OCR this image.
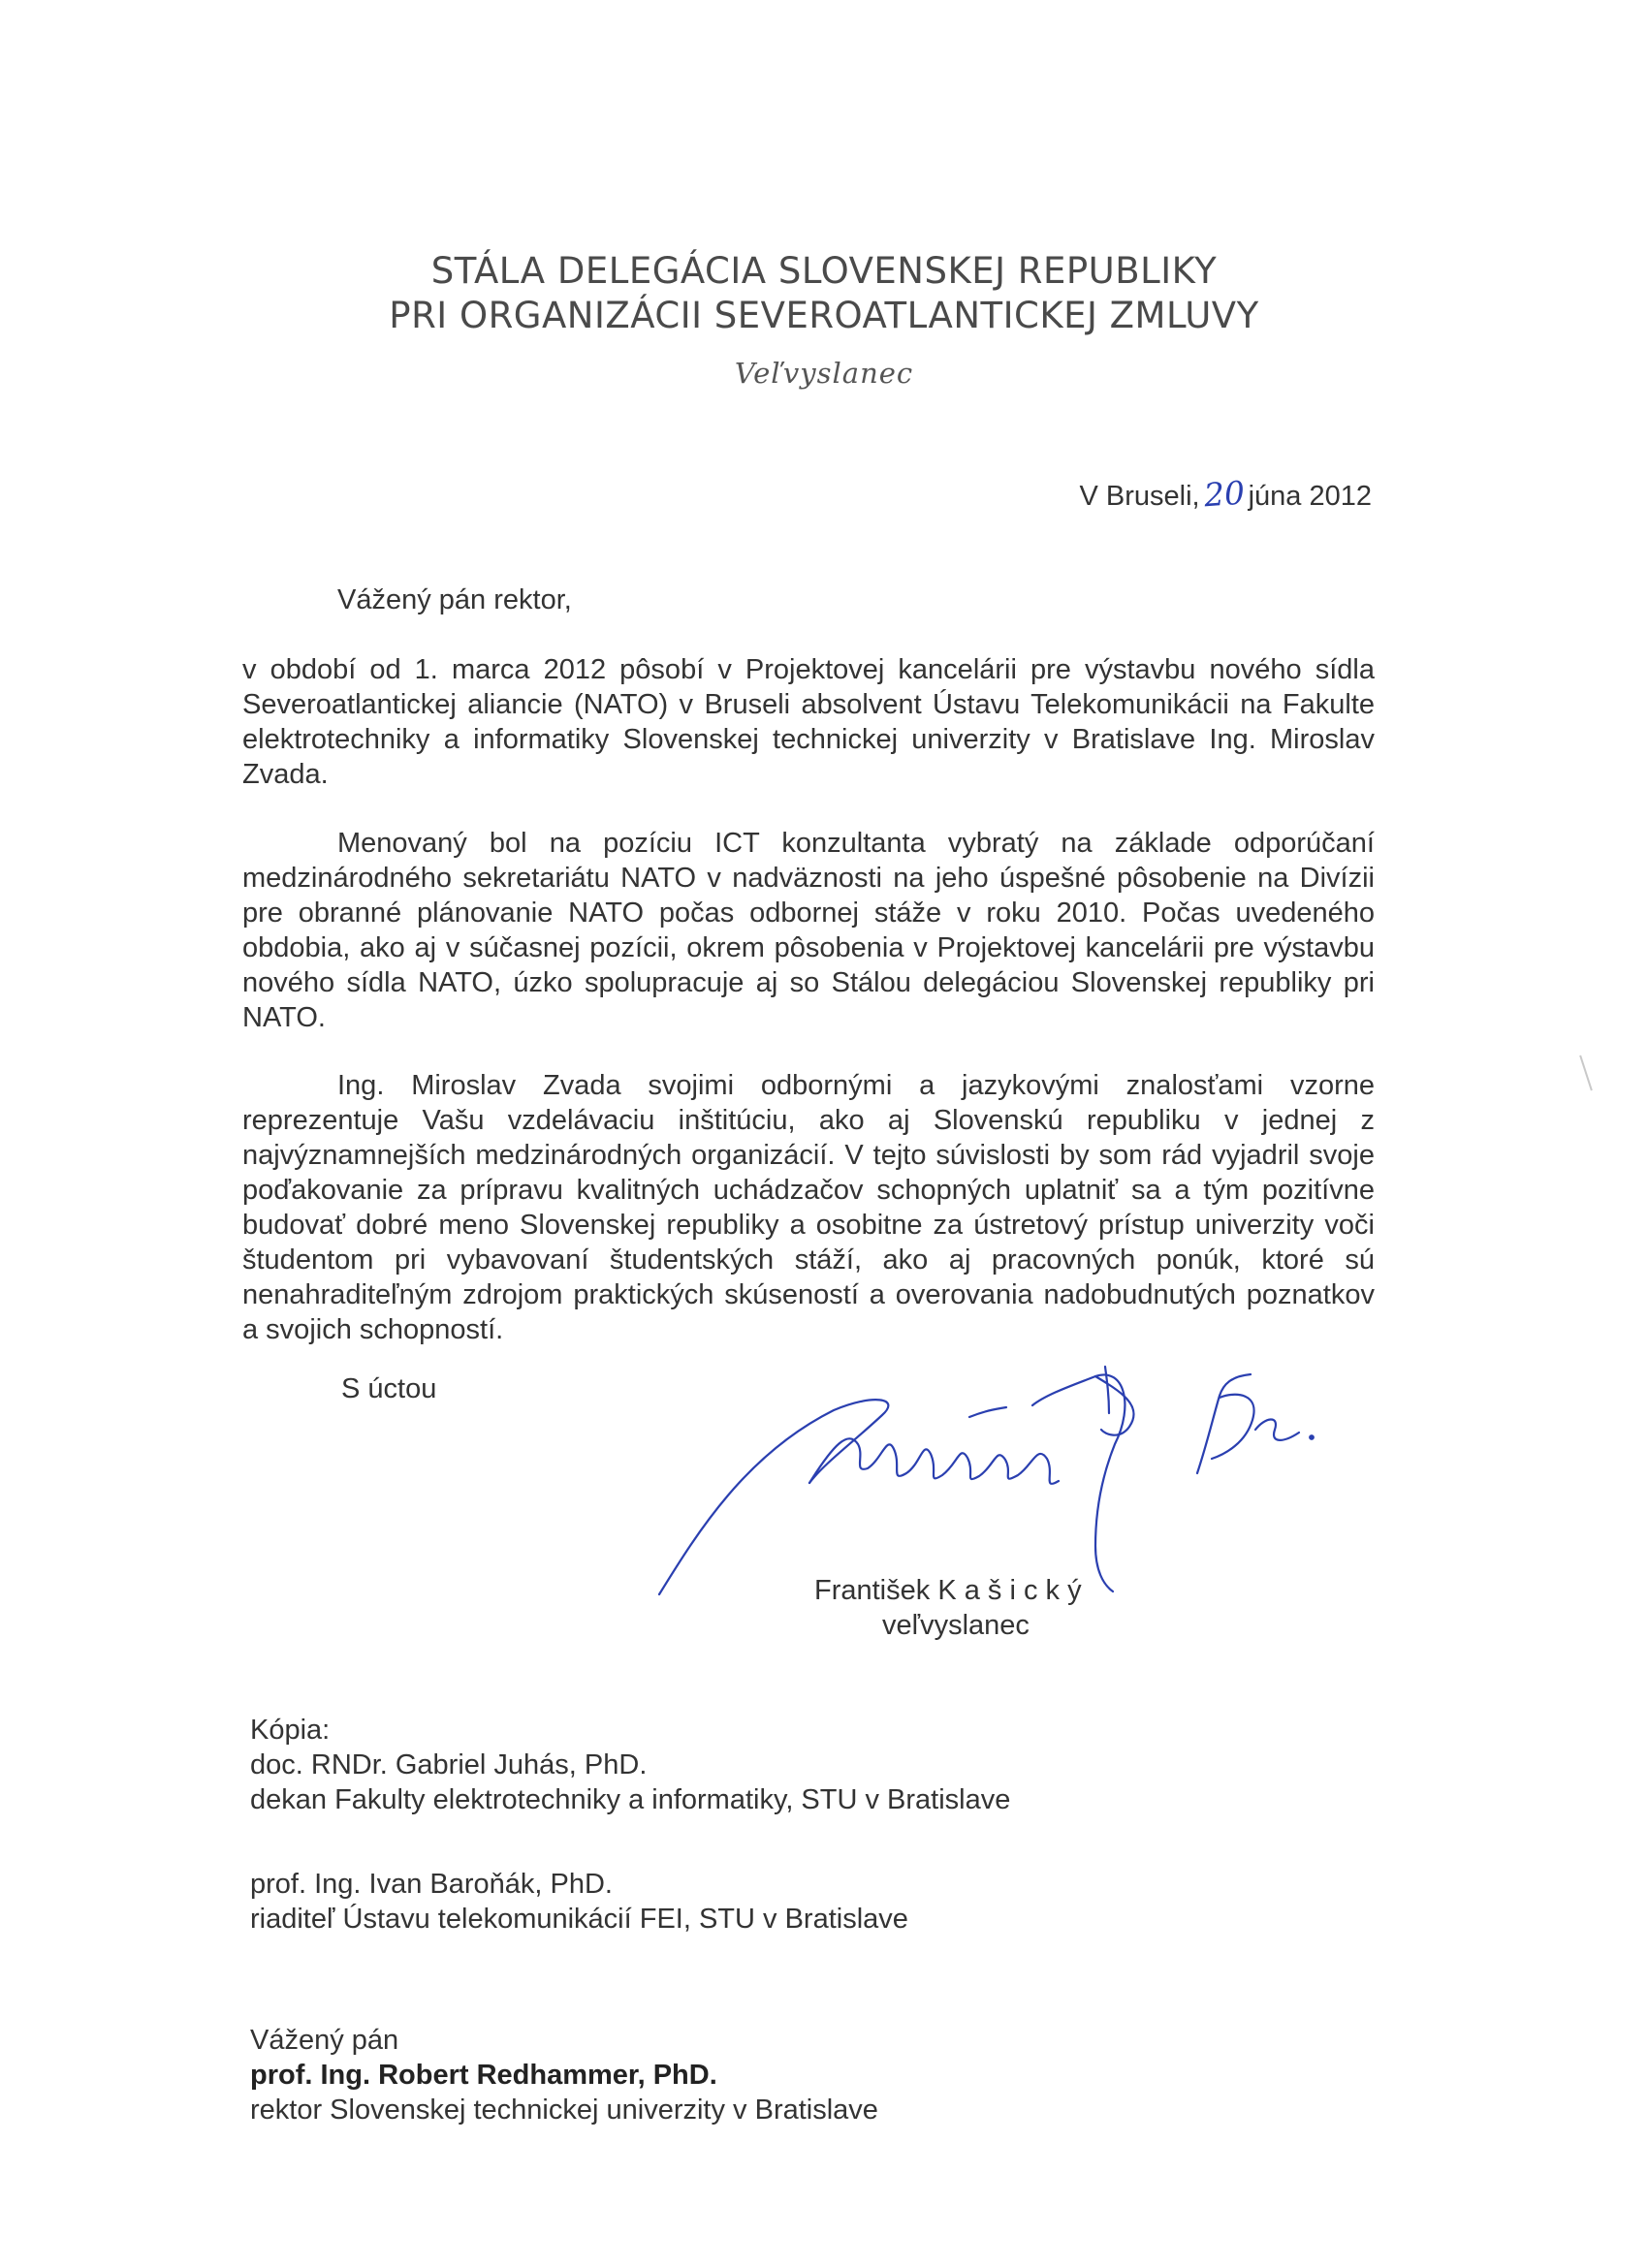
STÁLA DELEGÁCIA SLOVENSKEJ REPUBLIKY
PRI ORGANIZÁCII SEVEROATLANTICKEJ ZMLUVY
Veľvyslanec
V Bruseli,20júna 2012
Vážený pán rektor,

v období od 1. marca 2012 pôsobí v Projektovej kancelárii pre výstavbu nového sídla Severoatlantickej aliancie (NATO) v Bruseli absolvent Ústavu Telekomunikácii na Fakulte elektrotechniky a informatiky Slovenskej technickej univerzity v Bratislave Ing. Miroslav Zvada.

Menovaný bol na pozíciu ICT konzultanta vybratý na základe odporúčaní medzinárodného sekretariátu NATO v nadväznosti na jeho úspešné pôsobenie na Divízii pre obranné plánovanie NATO počas odbornej stáže v roku 2010. Počas uvedeného obdobia, ako aj v súčasnej pozícii, okrem pôsobenia v Projektovej kancelárii pre výstavbu nového sídla NATO, úzko spolupracuje aj so Stálou delegáciou Slovenskej republiky pri NATO.

Ing. Miroslav Zvada svojimi odbornými a jazykovými znalosťami vzorne reprezentuje Vašu vzdelávaciu inštitúciu, ako aj Slovenskú republiku v jednej z najvýznamnejších medzinárodných organizácií. V tejto súvislosti by som rád vyjadril svoje poďakovanie za prípravu kvalitných uchádzačov schopných uplatniť sa a tým pozitívne budovať dobré meno Slovenskej republiky a osobitne za ústretový prístup univerzity voči študentom pri vybavovaní študentských stáží, ako aj pracovných ponúk, ktoré sú nenahraditeľným zdrojom praktických skúseností a overovania nadobudnutých poznatkov a svojich schopností.

S úctou
František K a š i c k ý
veľvyslanec
Kópia:
doc. RNDr. Gabriel Juhás, PhD.
dekan Fakulty elektrotechniky a informatiky, STU v Bratislave
prof. Ing. Ivan Baroňák, PhD.
riaditeľ Ústavu telekomunikácií FEI, STU v Bratislave
Vážený pán
prof. Ing. Robert Redhammer, PhD.
rektor Slovenskej technickej univerzity v Bratislave
